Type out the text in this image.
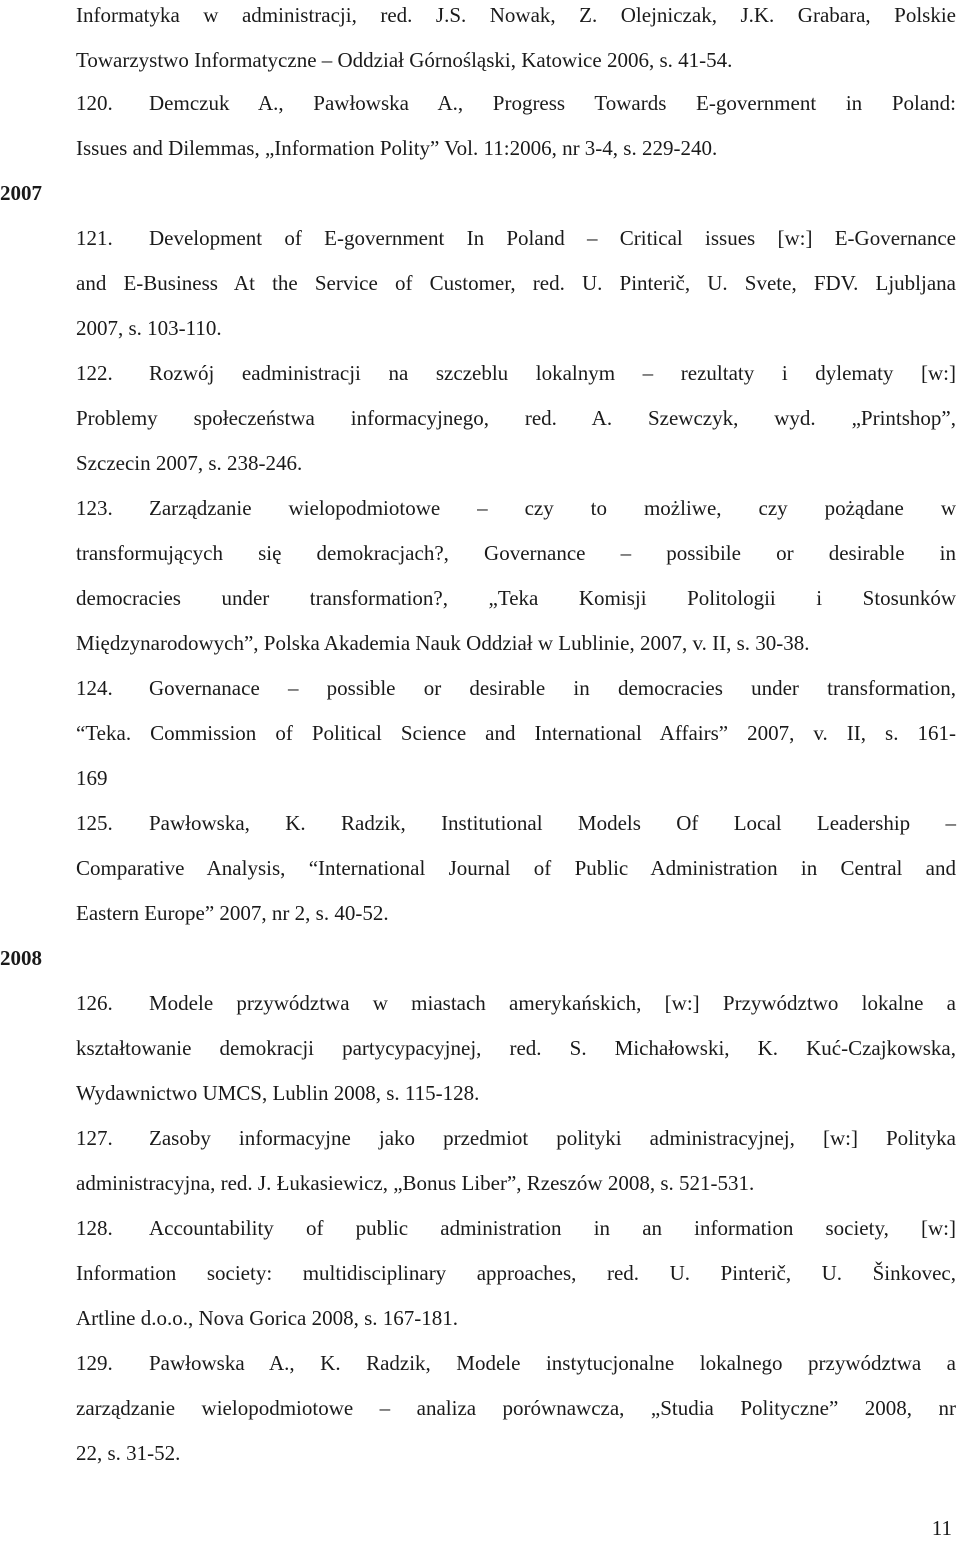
Informatyka w administracji, red. J.S. Nowak, Z. Olejniczak, J.K. Grabara, Polskie
Towarzystwo Informatyczne – Oddział Górnośląski, Katowice 2006, s. 41-54.
120. Demczuk A., Pawłowska A., Progress Towards E-government in Poland:
Issues and Dilemmas, „Information Polity” Vol. 11:2006, nr 3-4, s. 229-240.
2007
121. Development of E-government In Poland – Critical issues [w:] E-Governance
and E-Business At the Service of Customer, red. U. Pinterič, U. Svete, FDV. Ljubljana
2007, s. 103-110.
122. Rozwój eadministracji na szczeblu lokalnym – rezultaty i dylematy [w:]
Problemy społeczeństwa informacyjnego, red. A. Szewczyk, wyd. „Printshop”,
Szczecin 2007, s. 238-246.
123. Zarządzanie wielopodmiotowe – czy to możliwe, czy pożądane w
transformujących się demokracjach?, Governance – possibile or desirable in
democracies under transformation?, „Teka Komisji Politologii i Stosunków
Międzynarodowych”, Polska Akademia Nauk Oddział w Lublinie, 2007, v. II, s. 30-38.
124. Governanace – possible or desirable in democracies under transformation,
“Teka. Commission of Political Science and International Affairs” 2007, v. II, s. 161-
169
125. Pawłowska, K. Radzik, Institutional Models Of Local Leadership –
Comparative Analysis, “International Journal of Public Administration in Central and
Eastern Europe” 2007, nr 2, s. 40-52.
2008
126. Modele przywództwa w miastach amerykańskich, [w:] Przywództwo lokalne a
kształtowanie demokracji partycypacyjnej, red. S. Michałowski, K. Kuć-Czajkowska,
Wydawnictwo UMCS, Lublin 2008, s. 115-128.
127. Zasoby informacyjne jako przedmiot polityki administracyjnej, [w:] Polityka
administracyjna, red. J. Łukasiewicz, „Bonus Liber”, Rzeszów 2008, s. 521-531.
128. Accountability of public administration in an information society, [w:]
Information society: multidisciplinary approaches, red. U. Pinterič, U. Šinkovec,
Artline d.o.o., Nova Gorica 2008, s. 167-181.
129. Pawłowska A., K. Radzik, Modele instytucjonalne lokalnego przywództwa a
zarządzanie wielopodmiotowe – analiza porównawcza, „Studia Polityczne” 2008, nr
22, s. 31-52.
11
